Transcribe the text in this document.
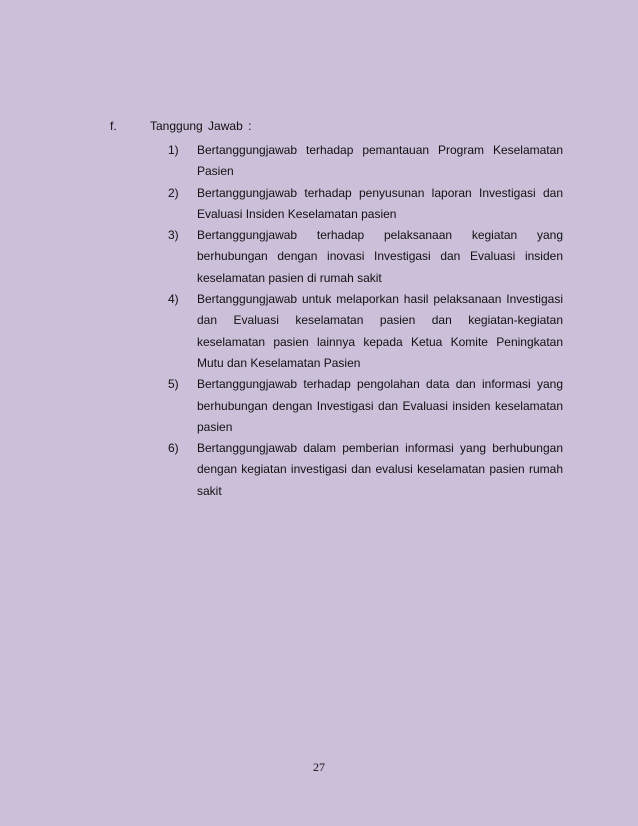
f.	Tanggung Jawab :
1) Bertanggungjawab terhadap pemantauan Program Keselamatan Pasien
2) Bertanggungjawab terhadap penyusunan laporan Investigasi dan Evaluasi Insiden Keselamatan pasien
3) Bertanggungjawab terhadap pelaksanaan kegiatan yang berhubungan dengan inovasi Investigasi dan Evaluasi insiden keselamatan pasien di rumah sakit
4) Bertanggungjawab untuk melaporkan hasil pelaksanaan Investigasi dan Evaluasi keselamatan pasien dan kegiatan-kegiatan keselamatan pasien lainnya kepada Ketua Komite Peningkatan Mutu dan Keselamatan Pasien
5) Bertanggungjawab terhadap pengolahan data dan informasi yang berhubungan dengan Investigasi dan Evaluasi insiden keselamatan pasien
6) Bertanggungjawab dalam pemberian informasi yang berhubungan dengan kegiatan investigasi dan evalusi keselamatan pasien rumah sakit
27
